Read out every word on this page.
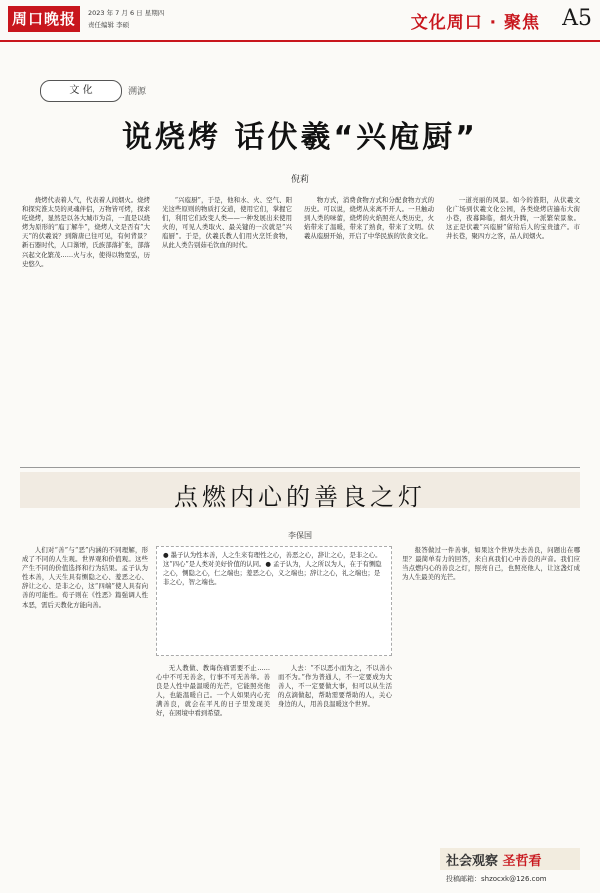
周口晚报	2023 年 7 月 6 日 星期四
责任编辑 李硕	文化周口 · 聚焦 A5
文 化	溯源
说烧烤 话伏羲“兴庖厨”
倪莉

烧烤代表着人气，代表着人间烟火。烧烤和探究淮太昊的灵魂伴侣，万物皆可烤，探求吃烧烤，显然是以各大城市为首，一直是以烧烤为原形的“庖丁解牛”，烧烤人文是否有“大天”的伏羲说？到隋唐已往可见，有何背景？新石器时代，人口渐增，氏族部落扩张，部落兴起文化繁茂……火与水，使得以物宽弘，历史悠久。

“兴庖厨”，于是，他和水、火、空气、阳光这些原则的物质打交道，使用它们，掌握它们，利用它们改变人类——一种发展出来使用火的，可见人类取火、最关键的一次就是“兴庖厨”。于是，伏羲氏教人们用火烹饪食物，从此人类告别茹毛饮血的时代。

物方式，消费食物方式和分配食物方式的历史。可以说，烧烤从来离不开人。一旦触动到人类的味蕾，烧烤的火焰照亮人类历史，火焰带来了温暖，带来了熟食，带来了文明。伏羲从庖厨开始，开启了中华民族的饮食文化。

一道亮丽的风景。如今的淮阳，从伏羲文化广场到伏羲文化公园，各类烧烤店遍布大街小巷，夜幕降临，烟火升腾，一派繁荣景象。这正是伏羲“兴庖厨”留给后人的宝贵遗产。市井长巷，聚四方之客，品人间烟火。

点燃内心的善良之灯
李保国
● 墨子认为性本善，人之生来有理性之心，善恶之心，辞让之心，是非之心。这“四心”是人类对美好价值的认同。● 孟子认为，人之所以为人，在于有恻隐之心，恻隐之心，仁之端也；羞恶之心，义之端也；辞让之心，礼之端也；是非之心，智之端也。

人们对“善”与“恶”内涵的不同理解，形成了不同的人生观。世界观和价值观。这些产生不同的价值选择和行为结果。孟子认为性本善，人天生具有恻隐之心、羞恶之心、辞让之心、是非之心，这“四端”使人具有向善的可能性。荀子则在《性恶》篇强调人性本恶，需后天教化方能向善。

无人教做、教诲伤痛需要不止……心中不可无善念，行事不可无善举。善良是人性中最温暖的光芒，它能照亮他人，也能温暖自己。一个人如果内心充满善良，就会在平凡的日子里发现美好，在困境中看到希望。

人去：“不以恶小而为之，不以善小而不为。”作为普通人，不一定要成为大善人，不一定要做大事，但可以从生活的点滴做起，帮助需要帮助的人，关心身边的人，用善良温暖这个世界。

报答做过一件善事，如果这个世界失去善良，问题出在哪里？最简单有力的回答，来自真我们心中善良的声音。我们应当点燃内心的善良之灯，照亮自己，也照亮他人，让这盏灯成为人生最美的光芒。

社会观察 圣哲看
投稿邮箱：shzocxk@126.com
